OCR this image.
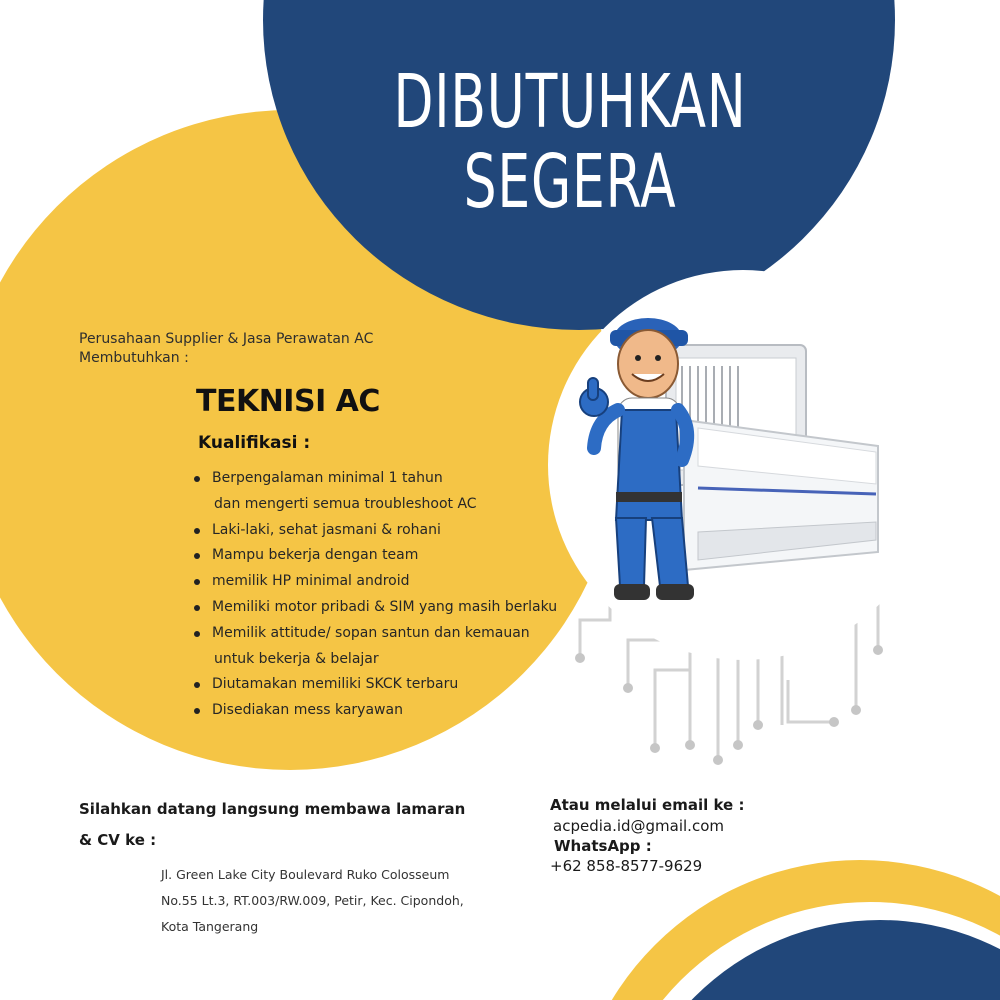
DIBUTUHKAN
SEGERA
Perusahaan Supplier & Jasa Perawatan AC
Membutuhkan :
TEKNISI AC
Kualifikasi :
Berpengalaman minimal 1 tahun
dan mengerti semua troubleshoot AC
Laki-laki, sehat jasmani & rohani
Mampu bekerja dengan team
memilik HP minimal android
Memiliki motor pribadi & SIM yang masih berlaku
Memilik attitude/ sopan santun dan kemauan
untuk bekerja & belajar
Diutamakan memiliki SKCK terbaru
Disediakan mess karyawan
Silahkan datang langsung membawa lamaran
& CV ke :
Jl. Green Lake City Boulevard Ruko Colosseum
No.55 Lt.3, RT.003/RW.009, Petir, Kec. Cipondoh,
Kota Tangerang
Atau melalui email ke :
acpedia.id@gmail.com
WhatsApp :
+62 858-8577-9629
